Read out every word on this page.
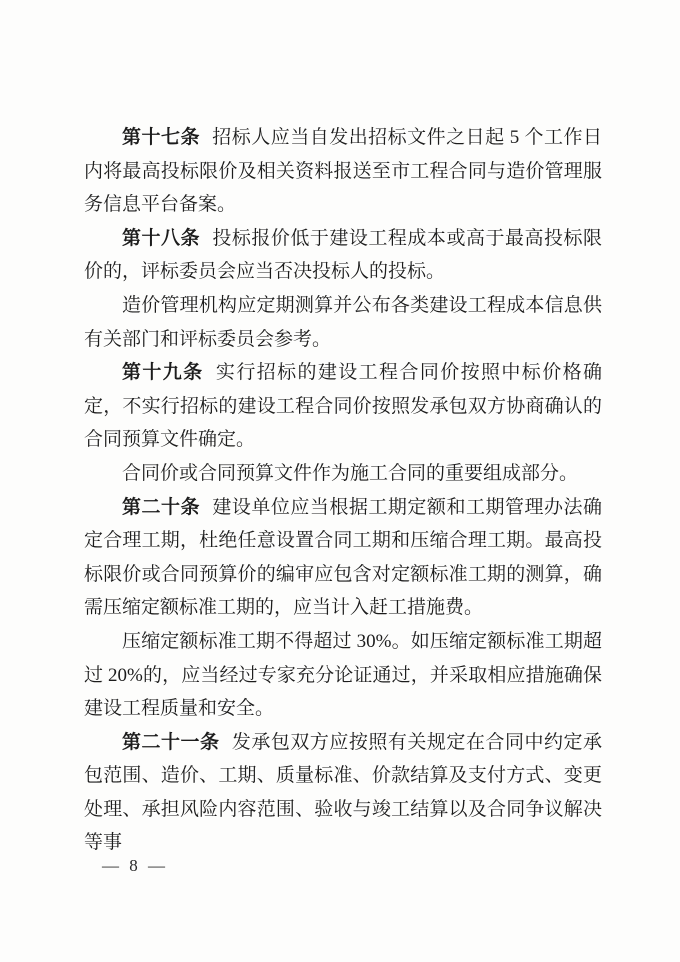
第十七条 招标人应当自发出招标文件之日起 5 个工作日内将最高投标限价及相关资料报送至市工程合同与造价管理服务信息平台备案。

第十八条 投标报价低于建设工程成本或高于最高投标限价的，评标委员会应当否决投标人的投标。

造价管理机构应定期测算并公布各类建设工程成本信息供有关部门和评标委员会参考。

第十九条 实行招标的建设工程合同价按照中标价格确定，不实行招标的建设工程合同价按照发承包双方协商确认的合同预算文件确定。

合同价或合同预算文件作为施工合同的重要组成部分。

第二十条 建设单位应当根据工期定额和工期管理办法确定合理工期，杜绝任意设置合同工期和压缩合理工期。最高投标限价或合同预算价的编审应包含对定额标准工期的测算，确需压缩定额标准工期的，应当计入赶工措施费。

压缩定额标准工期不得超过 30%。如压缩定额标准工期超过 20%的，应当经过专家充分论证通过，并采取相应措施确保建设工程质量和安全。

第二十一条 发承包双方应按照有关规定在合同中约定承包范围、造价、工期、质量标准、价款结算及支付方式、变更处理、承担风险内容范围、验收与竣工结算以及合同争议解决等事

— 8 —
